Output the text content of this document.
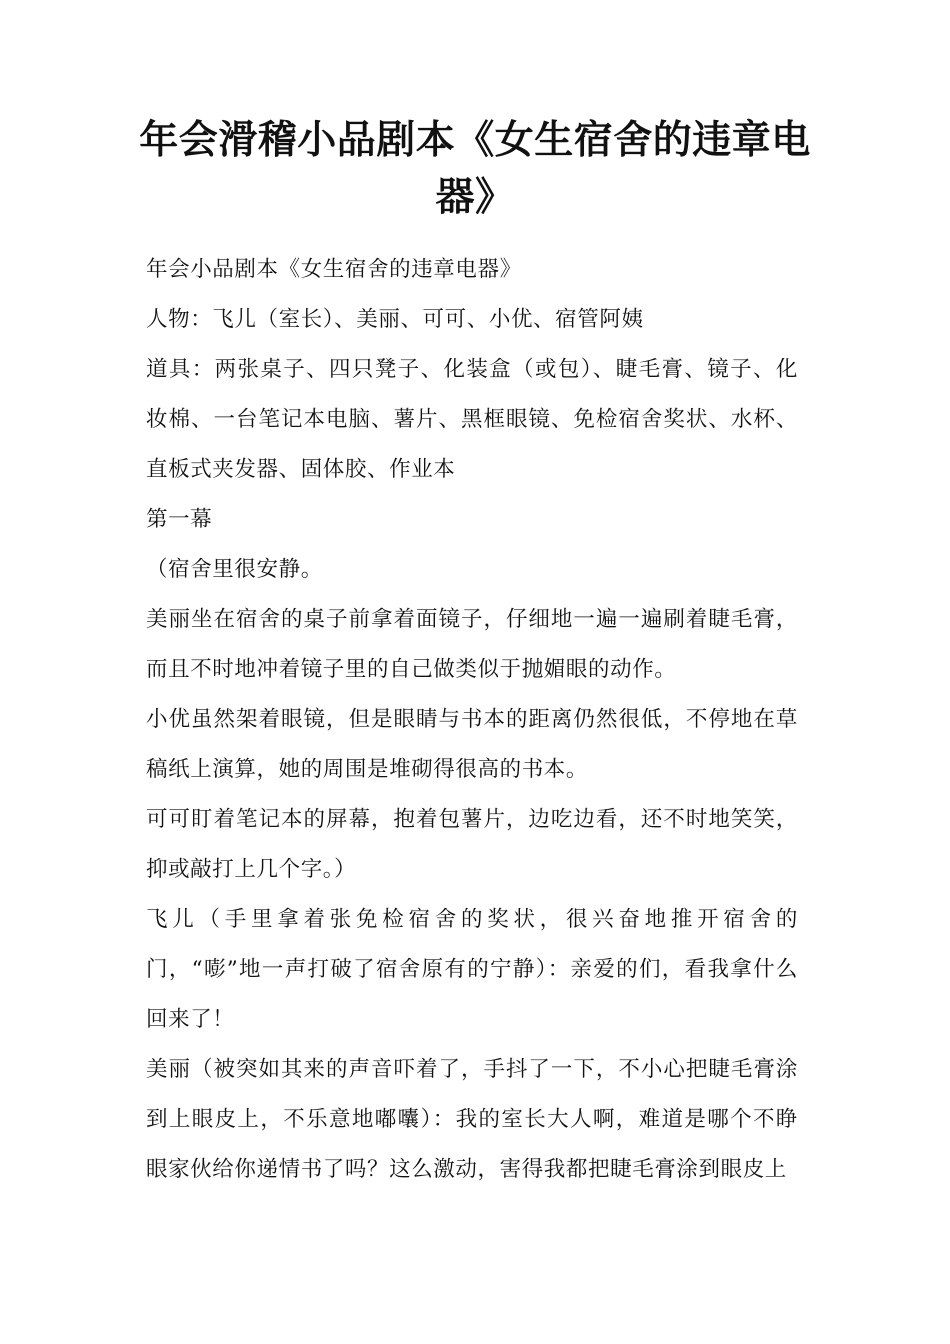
年会滑稽小品剧本《女生宿舍的违章电器》

年会小品剧本《女生宿舍的违章电器》

人物：飞儿（室长）、美丽、可可、小优、宿管阿姨

道具：两张桌子、四只凳子、化装盒（或包）、睫毛膏、镜子、化妆棉、一台笔记本电脑、薯片、黑框眼镜、免检宿舍奖状、水杯、直板式夹发器、固体胶、作业本

第一幕

（宿舍里很安静。

美丽坐在宿舍的桌子前拿着面镜子，仔细地一遍一遍刷着睫毛膏，而且不时地冲着镜子里的自己做类似于抛媚眼的动作。

小优虽然架着眼镜，但是眼睛与书本的距离仍然很低，不停地在草稿纸上演算，她的周围是堆砌得很高的书本。

可可盯着笔记本的屏幕，抱着包薯片，边吃边看，还不时地笑笑，抑或敲打上几个字。）

飞儿（手里拿着张免检宿舍的奖状，很兴奋地推开宿舍的门，“嘭”地一声打破了宿舍原有的宁静）：亲爱的们，看我拿什么回来了！

美丽（被突如其来的声音吓着了，手抖了一下，不小心把睫毛膏涂到上眼皮上，不乐意地嘟囔）：我的室长大人啊，难道是哪个不睁眼家伙给你递情书了吗？这么激动，害得我都把睫毛膏涂到眼皮上
